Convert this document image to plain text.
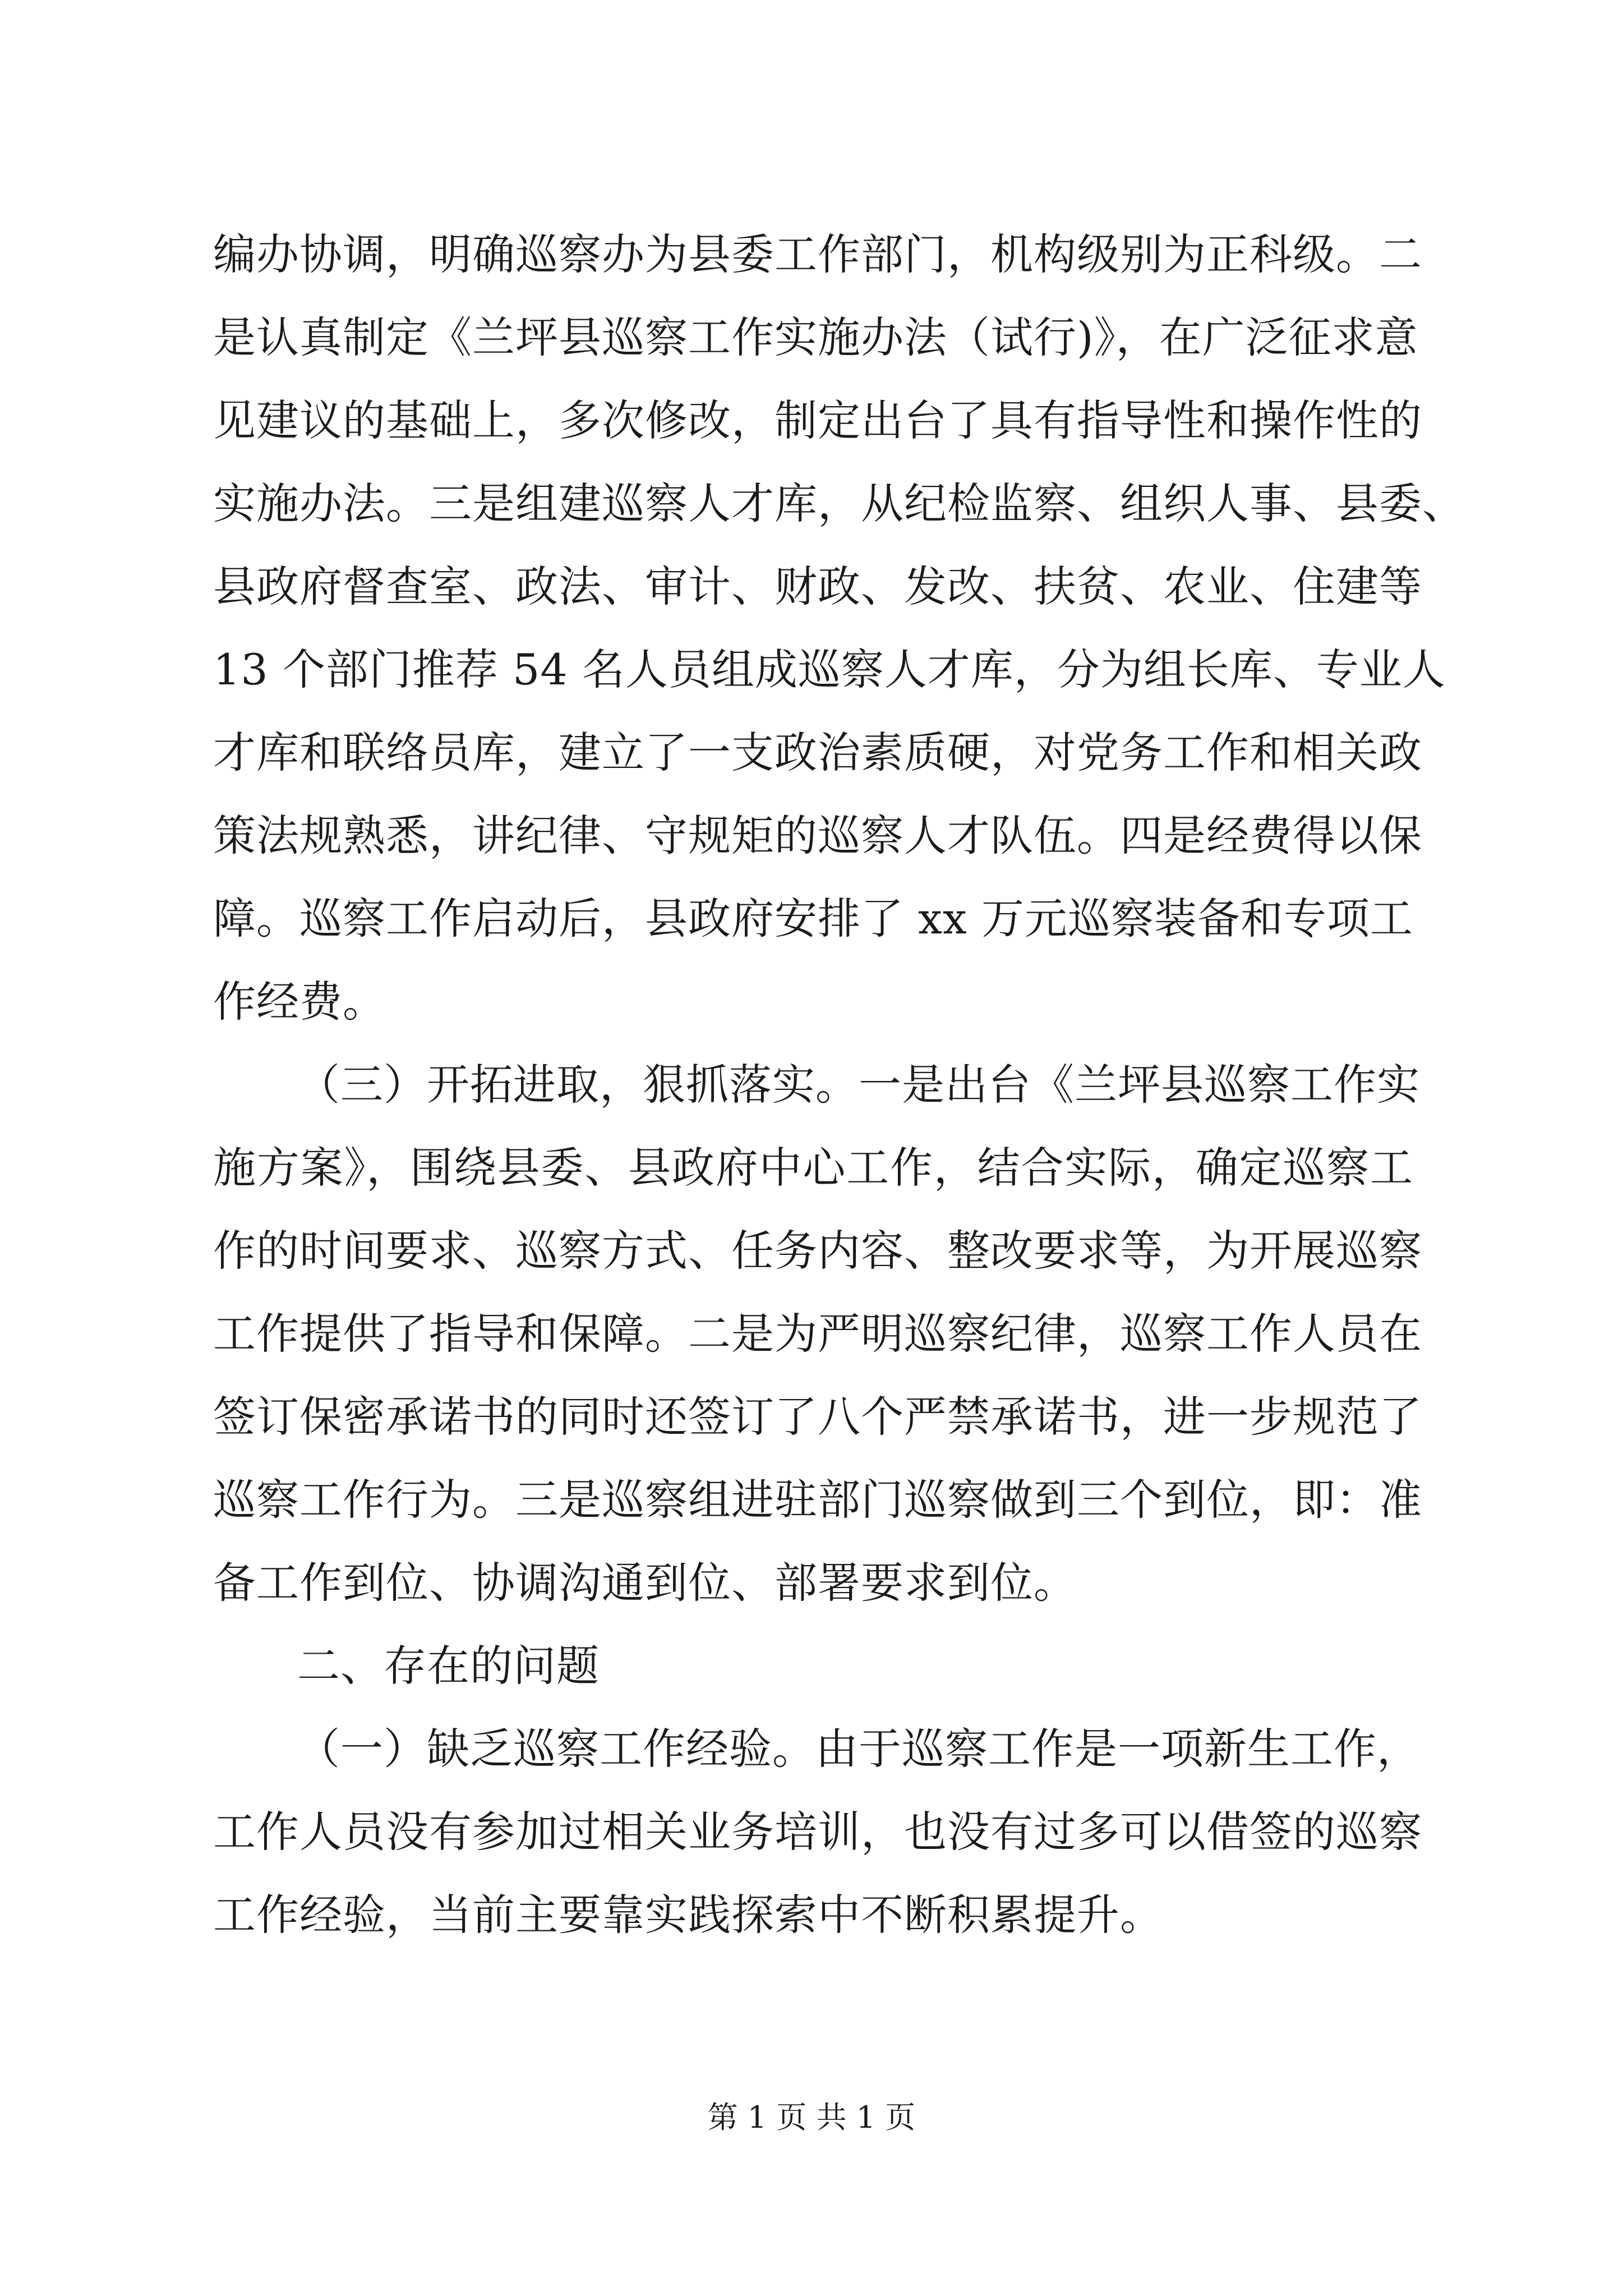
编办协调，明确巡察办为县委工作部门，机构级别为正科级。二
是认真制定《兰坪县巡察工作实施办法（试行)》，在广泛征求意
见建议的基础上，多次修改，制定出台了具有指导性和操作性的
实施办法。三是组建巡察人才库，从纪检监察、组织人事、县委、
县政府督查室、政法、审计、财政、发改、扶贫、农业、住建等
13 个部门推荐 54 名人员组成巡察人才库，分为组长库、专业人
才库和联络员库，建立了一支政治素质硬，对党务工作和相关政
策法规熟悉，讲纪律、守规矩的巡察人才队伍。四是经费得以保
障。巡察工作启动后，县政府安排了 xx 万元巡察装备和专项工
作经费。
（三）开拓进取，狠抓落实。一是出台《兰坪县巡察工作实
施方案》，围绕县委、县政府中心工作，结合实际，确定巡察工
作的时间要求、巡察方式、任务内容、整改要求等，为开展巡察
工作提供了指导和保障。二是为严明巡察纪律，巡察工作人员在
签订保密承诺书的同时还签订了八个严禁承诺书，进一步规范了
巡察工作行为。三是巡察组进驻部门巡察做到三个到位，即：准
备工作到位、协调沟通到位、部署要求到位。
二、存在的问题
（一）缺乏巡察工作经验。由于巡察工作是一项新生工作，
工作人员没有参加过相关业务培训，也没有过多可以借签的巡察
工作经验，当前主要靠实践探索中不断积累提升。
第 1 页 共 1 页
